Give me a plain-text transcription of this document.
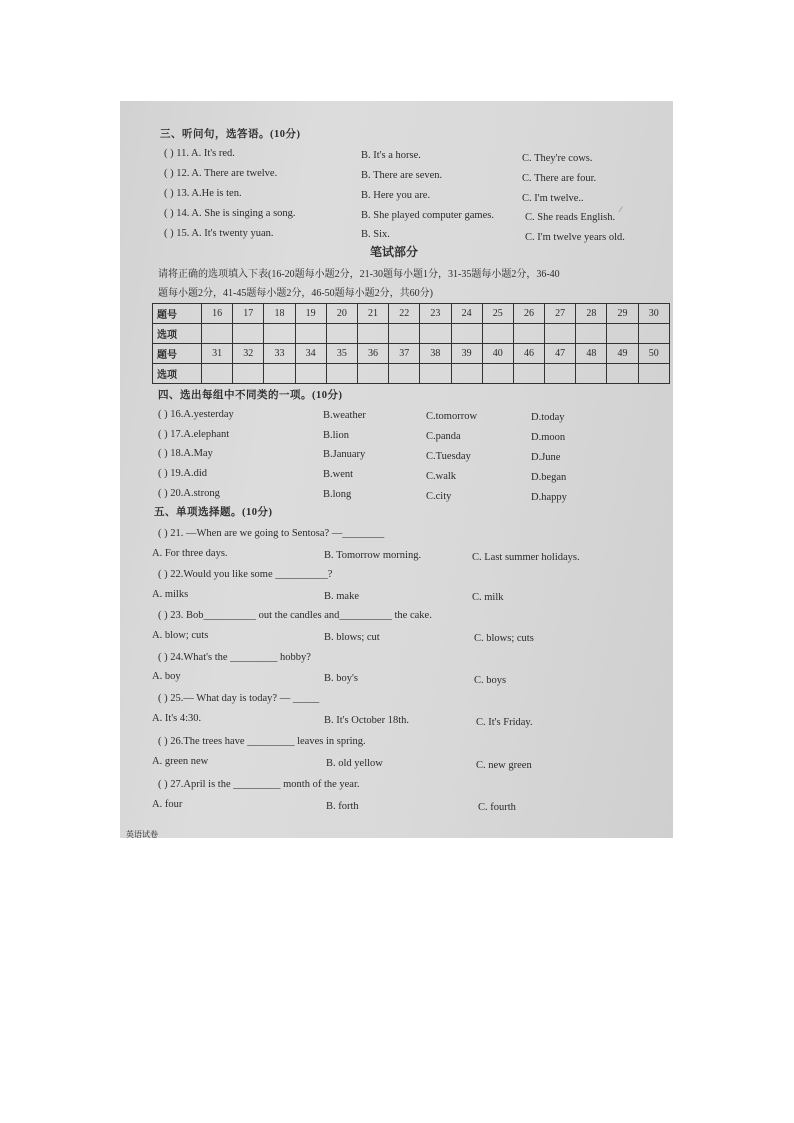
三、听问句，选答语。(10分)
( ) 11. A. It's red.	B. It's a horse.	C. They're cows.
( ) 12. A. There are twelve.	B. There are seven.	C. There are four.
( ) 13. A.He is ten.	B. Here you are.	C. I'm twelve..
( ) 14. A. She is singing a song.	B. She played computer games.	C. She reads English.
⁄
( ) 15. A. It's twenty yuan.	B. Six.	C. I'm twelve years old.
笔试部分
请将正确的选项填入下表(16-20题每小题2分，21-30题每小题1分，31-35题每小题2分，36-40
题每小题2分，41-45题每小题2分，46-50题每小题2分，共60分)
题号	16	17	18	19	20	21	22	23	24	25	26	27	28	29	30
选项															
题号	31	32	33	34	35	36	37	38	39	40	46	47	48	49	50
选项															
四、选出每组中不同类的一项。(10分)
( ) 16.A.yesterday	B.weather	C.tomorrow	D.today
( ) 17.A.elephant	B.lion	C.panda	D.moon
( ) 18.A.May	B.January	C.Tuesday	D.June
( ) 19.A.did	B.went	C.walk	D.began
( ) 20.A.strong	B.long	C.city	D.happy
五、单项选择题。(10分)
( ) 21. —When are we going to Sentosa? —________
A. For three days.	B. Tomorrow morning.	C. Last summer holidays.
( ) 22.Would you like some __________?
A. milks	B. make	C. milk
( ) 23. Bob__________ out the candles and__________ the cake.
A. blow; cuts	B. blows; cut	C. blows; cuts
( ) 24.What's the _________ hobby?
A. boy	B. boy's	C. boys
( ) 25.— What day is today? — _____
A. It's 4:30.	B. It's October 18th.	C. It's Friday.
( ) 26.The trees have _________ leaves in spring.
A. green new	B. old yellow	C. new green
( ) 27.April is the _________ month of the year.
A. four	B. forth	C. fourth
英语试卷
